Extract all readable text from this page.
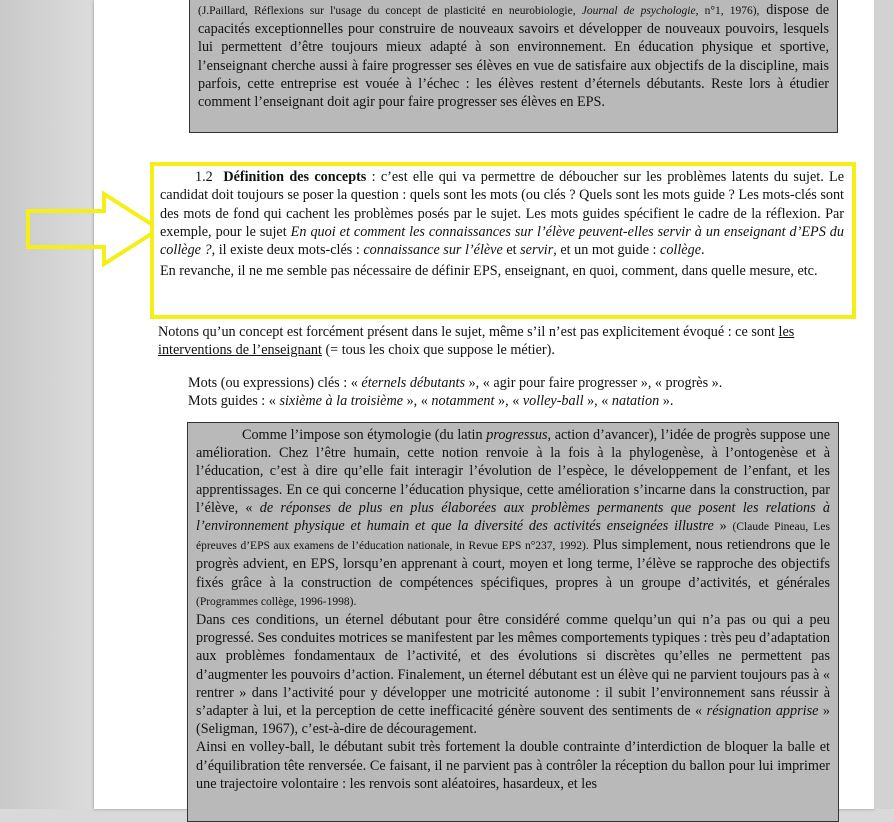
(J.Paillard, Réflexions sur l'usage du concept de plasticité en neurobiologie, Journal de psychologie, n°1, 1976), dispose de capacités exceptionnelles pour construire de nouveaux savoirs et développer de nouveaux pouvoirs, lesquels lui permettent d’être toujours mieux adapté à son environnement. En éducation physique et sportive, l’enseignant cherche aussi à faire progresser ses élèves en vue de satisfaire aux objectifs de la discipline, mais parfois, cette entreprise est vouée à l’échec : les élèves restent d’éternels débutants. Reste lors à étudier comment l’enseignant doit agir pour faire progresser ses élèves en EPS.

1.2 Définition des concepts : c’est elle qui va permettre de déboucher sur les problèmes latents du sujet. Le candidat doit toujours se poser la question : quels sont les mots (ou clés ? Quels sont les mots guide ? Les mots-clés sont des mots de fond qui cachent les problèmes posés par le sujet. Les mots guides spécifient le cadre de la réflexion. Par exemple, pour le sujet En quoi et comment les connaissances sur l’élève peuvent-elles servir à un enseignant d’EPS du collège ?, il existe deux mots-clés : connaissance sur l’élève et servir, et un mot guide : collège.

En revanche, il ne me semble pas nécessaire de définir EPS, enseignant, en quoi, comment, dans quelle mesure, etc.

Notons qu’un concept est forcément présent dans le sujet, même s’il n’est pas explicitement évoqué : ce sont les interventions de l’enseignant (= tous les choix que suppose le métier).

Mots (ou expressions) clés : « éternels débutants », « agir pour faire progresser », « progrès ».

Mots guides : « sixième à la troisième », « notamment », « volley-ball », « natation ».

Comme l’impose son étymologie (du latin progressus, action d’avancer), l’idée de progrès suppose une amélioration. Chez l’être humain, cette notion renvoie à la fois à la phylogenèse, à l’ontogenèse et à l’éducation, c’est à dire qu’elle fait interagir l’évolution de l’espèce, le développement de l’enfant, et les apprentissages. En ce qui concerne l’éducation physique, cette amélioration s’incarne dans la construction, par l’élève, « de réponses de plus en plus élaborées aux problèmes permanents que posent les relations à l’environnement physique et humain et que la diversité des activités enseignées illustre » (Claude Pineau, Les épreuves d’EPS aux examens de l’éducation nationale, in Revue EPS n°237, 1992). Plus simplement, nous retiendrons que le progrès advient, en EPS, lorsqu’en apprenant à court, moyen et long terme, l’élève se rapproche des objectifs fixés grâce à la construction de compétences spécifiques, propres à un groupe d’activités, et générales (Programmes collège, 1996-1998).

Dans ces conditions, un éternel débutant pour être considéré comme quelqu’un qui n’a pas ou qui a peu progressé. Ses conduites motrices se manifestent par les mêmes comportements typiques : très peu d’adaptation aux problèmes fondamentaux de l’activité, et des évolutions si discrètes qu’elles ne permettent pas d’augmenter les pouvoirs d’action. Finalement, un éternel débutant est un élève qui ne parvient toujours pas à « rentrer » dans l’activité pour y développer une motricité autonome : il subit l’environnement sans réussir à s’adapter à lui, et la perception de cette inefficacité génère souvent des sentiments de « résignation apprise » (Seligman, 1967), c’est-à-dire de découragement.

Ainsi en volley-ball, le débutant subit très fortement la double contrainte d’interdiction de bloquer la balle et d’équilibration tête renversée. Ce faisant, il ne parvient pas à contrôler la réception du ballon pour lui imprimer une trajectoire volontaire : les renvois sont aléatoires, hasardeux, et les
